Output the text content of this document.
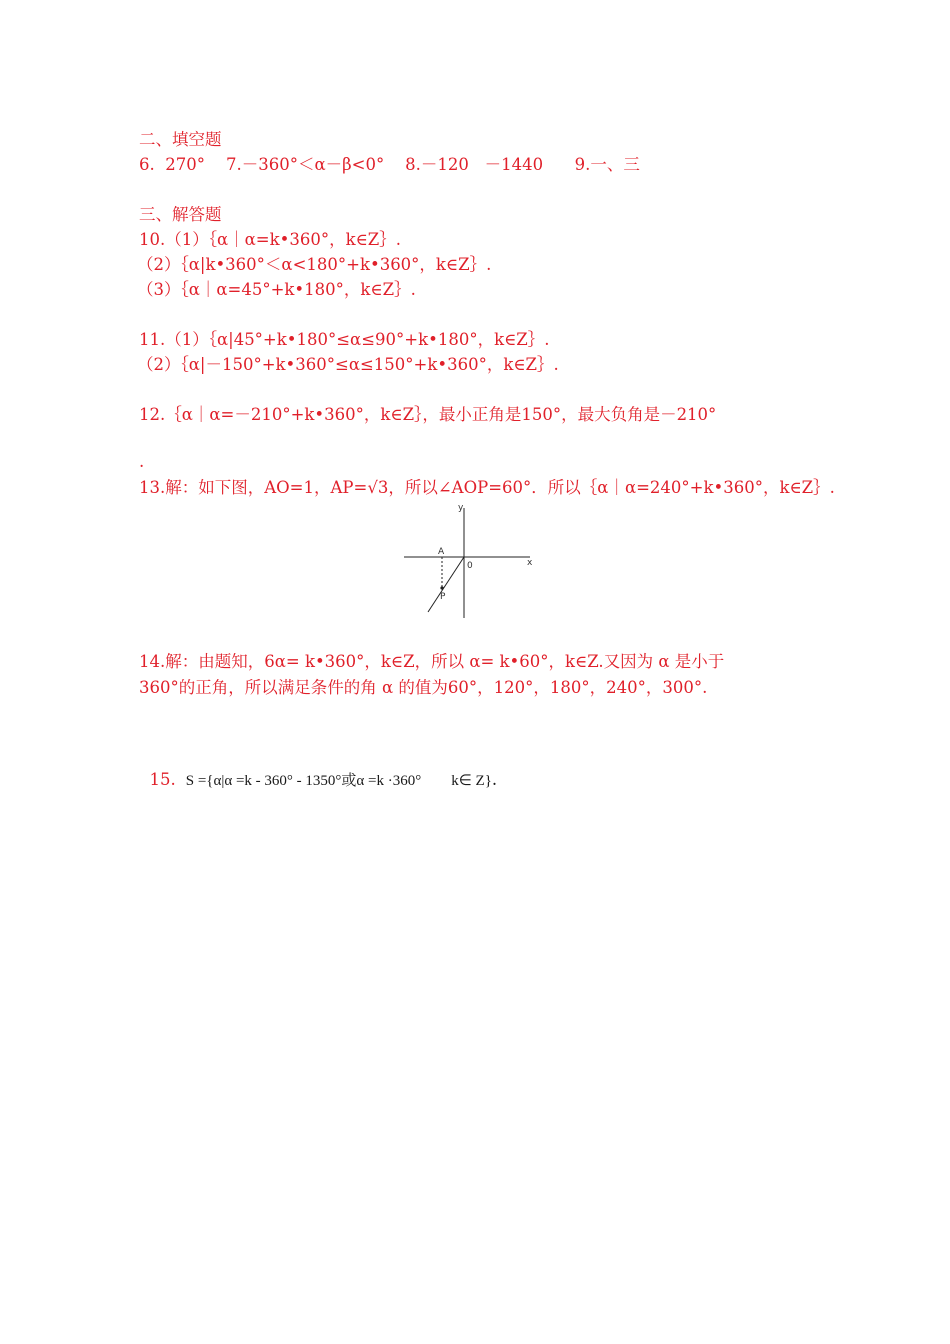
二、填空题
6.  270°    7.－360°＜α－β<0°    8.－120   －1440      9.一、三
三、解答题
10.（1）｛α｜α=k•360°，k∈Z｝.
（2）｛α|k•360°＜α<180°+k•360°，k∈Z｝.
（3）｛α｜α=45°+k•180°，k∈Z｝.
11.（1）｛α|45°+k•180°≤α≤90°+k•180°，k∈Z｝.
（2）｛α|－150°+k•360°≤α≤150°+k•360°，k∈Z｝.
12.｛α｜α=－210°+k•360°，k∈Z｝，最小正角是150°，最大负角是－210°
.
13.解：如下图，AO=1，AP=√3，所以∠AOP=60°．所以｛α｜α=240°+k•360°，k∈Z｝.
y
x
A
0
P
14.解：由题知，6α= k•360°，k∈Z，所以 α= k•60°，k∈Z.又因为 α 是小于
360°的正角，所以满足条件的角 α 的值为60°，120°，180°，240°，300°.

15. S ={α|α =k - 360° - 1350°或α =k ·360°        k∈ Z}.
